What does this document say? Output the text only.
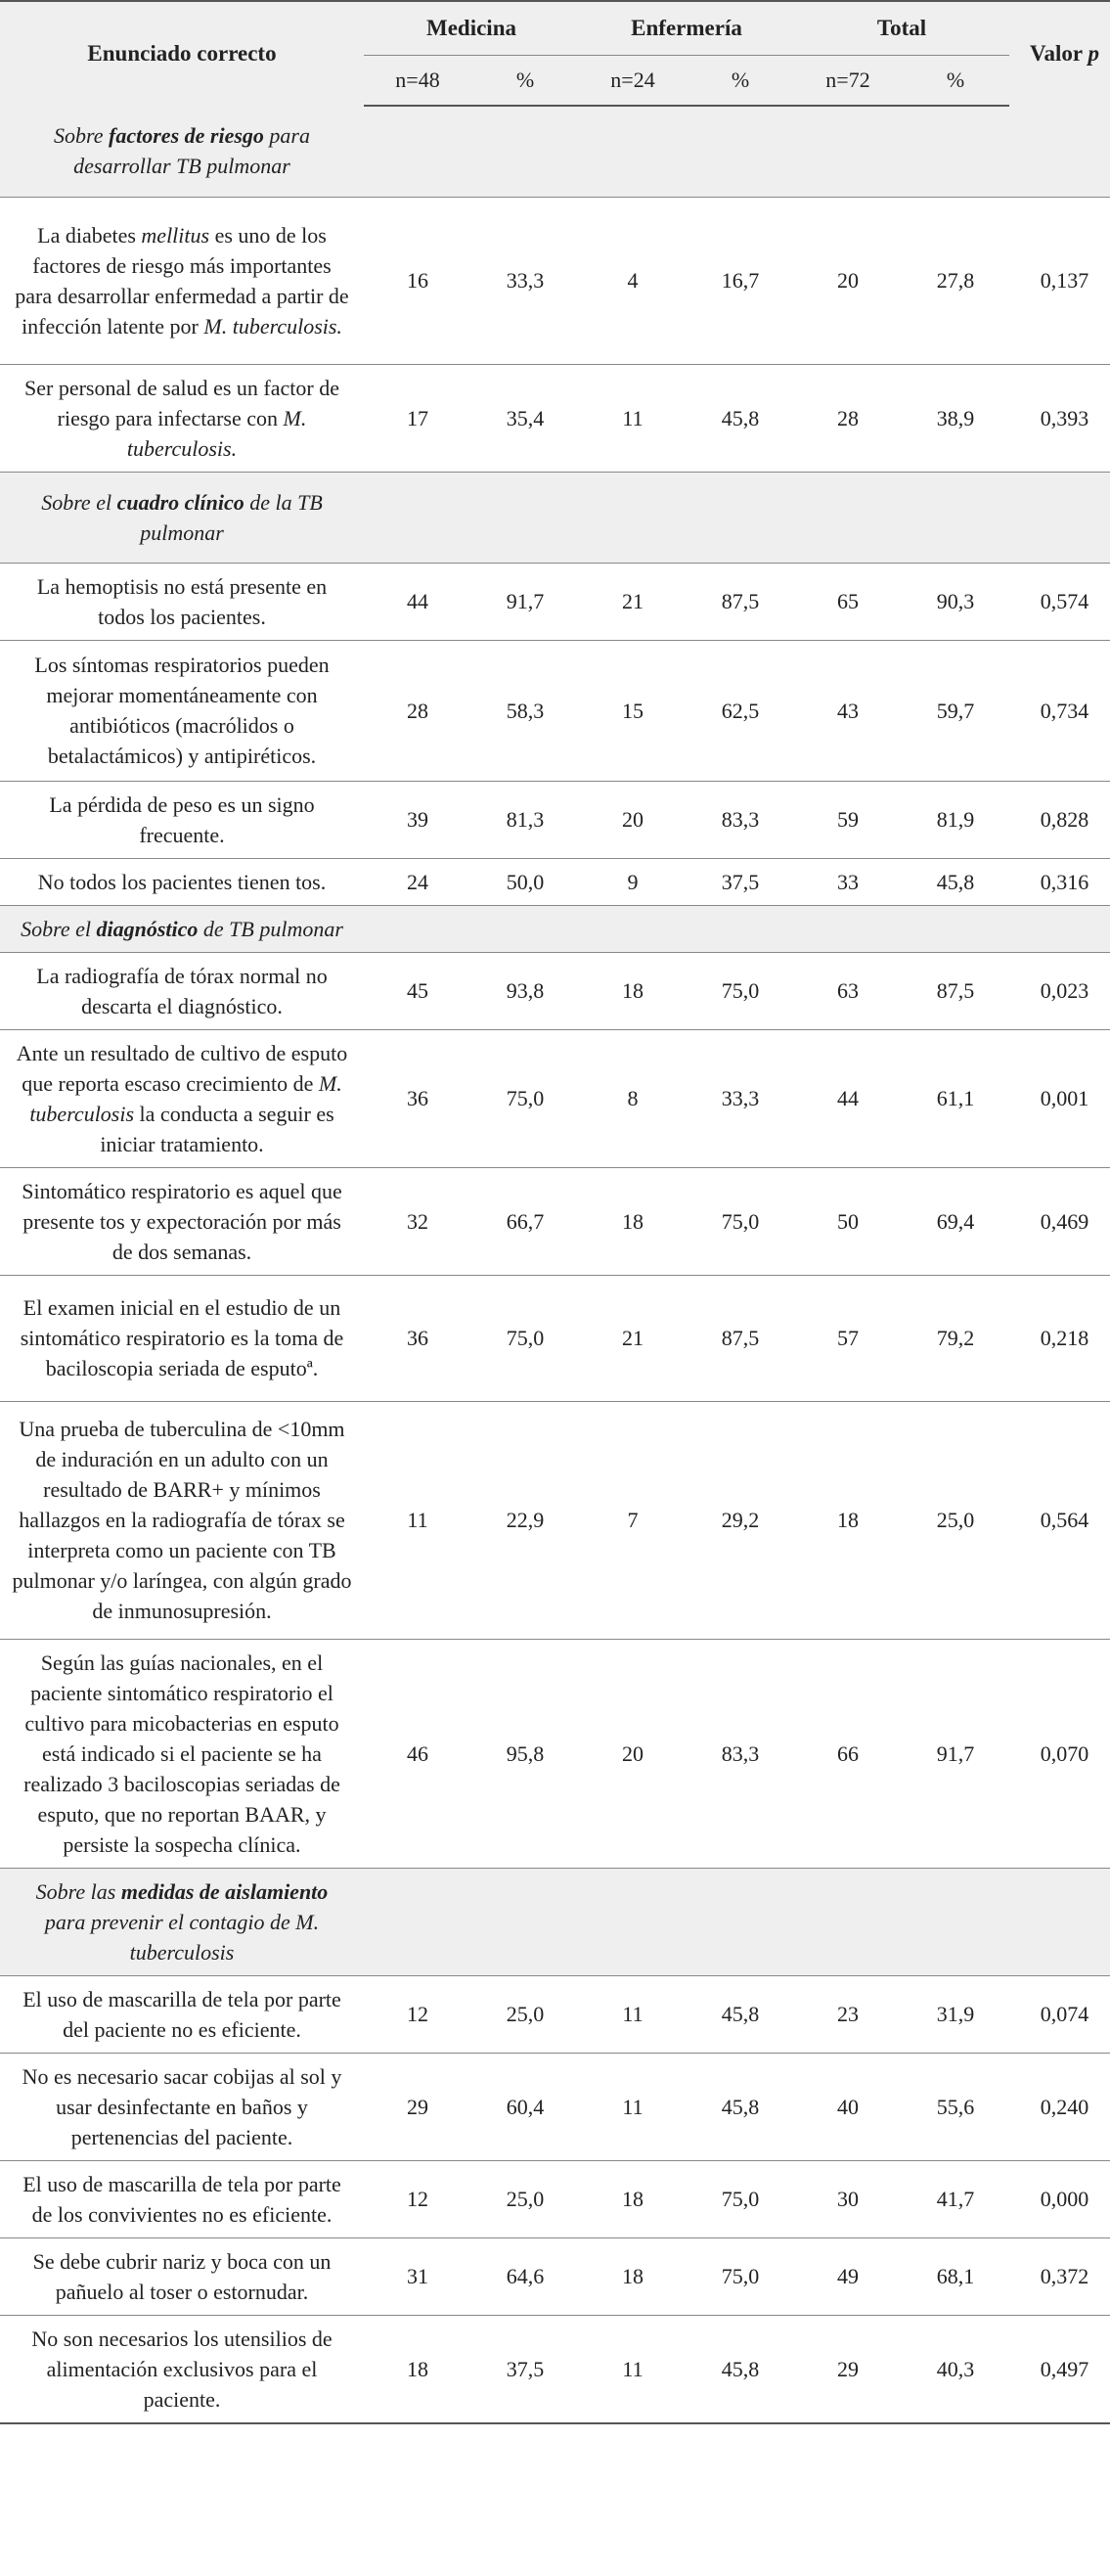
Enunciado correcto	Medicina		Enfermería		Total		Valor p
	n=48	%	n=24	%	n=72	%	
Sobre factores de riesgo para desarrollar TB pulmonar							
La diabetes mellitus es uno de los factores de riesgo más importantes para desarrollar enfermedad a partir de infección latente por M. tuberculosis.	16	33,3	4	16,7	20	27,8	0,137
Ser personal de salud es un factor de riesgo para infectarse con M. tuberculosis.	17	35,4	11	45,8	28	38,9	0,393
Sobre el cuadro clínico de la TB pulmonar							
La hemoptisis no está presente en todos los pacientes.	44	91,7	21	87,5	65	90,3	0,574
Los síntomas respiratorios pueden mejorar momentáneamente con antibióticos (macrólidos o betalactámicos) y antipiréticos.	28	58,3	15	62,5	43	59,7	0,734
La pérdida de peso es un signo frecuente.	39	81,3	20	83,3	59	81,9	0,828
No todos los pacientes tienen tos.	24	50,0	9	37,5	33	45,8	0,316
Sobre el diagnóstico de TB pulmonar							
La radiografía de tórax normal no descarta el diagnóstico.	45	93,8	18	75,0	63	87,5	0,023
Ante un resultado de cultivo de esputo que reporta escaso crecimiento de M. tuberculosis la conducta a seguir es iniciar tratamiento.	36	75,0	8	33,3	44	61,1	0,001
Sintomático respiratorio es aquel que presente tos y expectoración por más de dos semanas.	32	66,7	18	75,0	50	69,4	0,469
El examen inicial en el estudio de un sintomático respiratorio es la toma de baciloscopia seriada de esputoª.	36	75,0	21	87,5	57	79,2	0,218
Una prueba de tuberculina de <10mm de induración en un adulto con un resultado de BARR+ y mínimos hallazgos en la radiografía de tórax se interpreta como un paciente con TB pulmonar y/o laríngea, con algún grado de inmunosupresión.	11	22,9	7	29,2	18	25,0	0,564
Según las guías nacionales, en el paciente sintomático respiratorio el cultivo para micobacterias en esputo está indicado si el paciente se ha realizado 3 baciloscopias seriadas de esputo, que no reportan BAAR, y persiste la sospecha clínica.	46	95,8	20	83,3	66	91,7	0,070
Sobre las medidas de aislamiento para prevenir el contagio de M. tuberculosis							
El uso de mascarilla de tela por parte del paciente no es eficiente.	12	25,0	11	45,8	23	31,9	0,074
No es necesario sacar cobijas al sol y usar desinfectante en baños y pertenencias del paciente.	29	60,4	11	45,8	40	55,6	0,240
El uso de mascarilla de tela por parte de los convivientes no es eficiente.	12	25,0	18	75,0	30	41,7	0,000
Se debe cubrir nariz y boca con un pañuelo al toser o estornudar.	31	64,6	18	75,0	49	68,1	0,372
No son necesarios los utensilios de alimentación exclusivos para el paciente.	18	37,5	11	45,8	29	40,3	0,497
